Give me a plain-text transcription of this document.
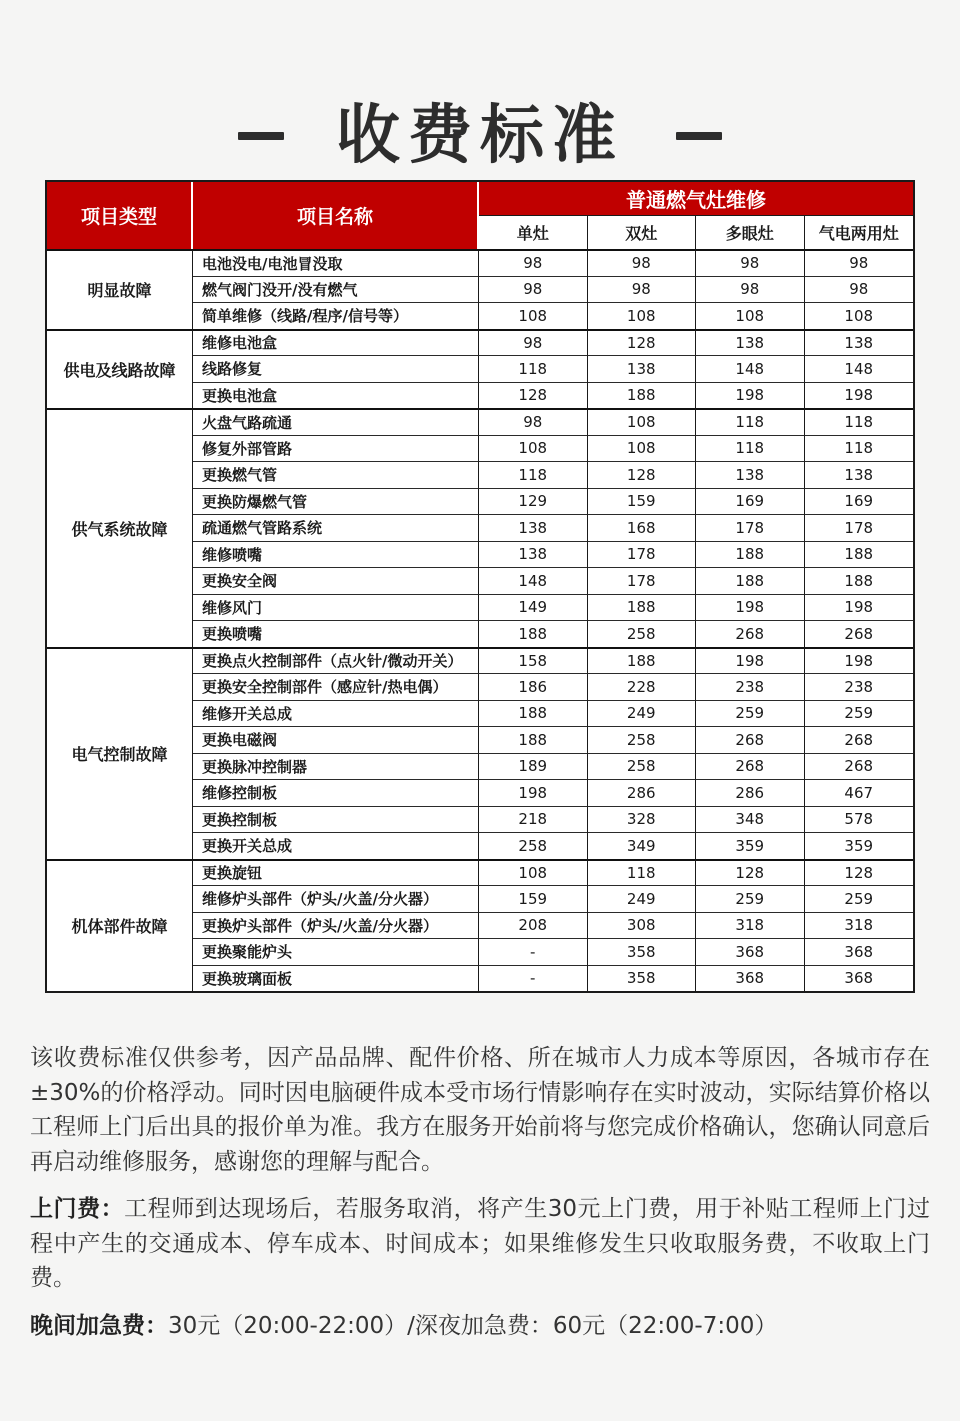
收费标准
项目类型	项目名称	普通燃气灶维修			
		单灶	双灶	多眼灶	气电两用灶
明显故障	电池没电/电池冒没取	98	98	98	98
	燃气阀门没开/没有燃气	98	98	98	98
	简单维修（线路/程序/信号等）	108	108	108	108
供电及线路故障	维修电池盒	98	128	138	138
	线路修复	118	138	148	148
	更换电池盒	128	188	198	198
供气系统故障	火盘气路疏通	98	108	118	118
	修复外部管路	108	108	118	118
	更换燃气管	118	128	138	138
	更换防爆燃气管	129	159	169	169
	疏通燃气管路系统	138	168	178	178
	维修喷嘴	138	178	188	188
	更换安全阀	148	178	188	188
	维修风门	149	188	198	198
	更换喷嘴	188	258	268	268
电气控制故障	更换点火控制部件（点火针/微动开关）	158	188	198	198
	更换安全控制部件（感应针/热电偶）	186	228	238	238
	维修开关总成	188	249	259	259
	更换电磁阀	188	258	268	268
	更换脉冲控制器	189	258	268	268
	维修控制板	198	286	286	467
	更换控制板	218	328	348	578
	更换开关总成	258	349	359	359
机体部件故障	更换旋钮	108	118	128	128
	维修炉头部件（炉头/火盖/分火器）	159	249	259	259
	更换炉头部件（炉头/火盖/分火器）	208	308	318	318
	更换聚能炉头	-	358	368	368
	更换玻璃面板	-	358	368	368

该收费标准仅供参考，因产品品牌、配件价格、所在城市人力成本等原因，各城市存在±30%的价格浮动。同时因电脑硬件成本受市场行情影响存在实时波动，实际结算价格以工程师上门后出具的报价单为准。我方在服务开始前将与您完成价格确认，您确认同意后再启动维修服务，感谢您的理解与配合。

上门费：工程师到达现场后，若服务取消，将产生30元上门费，用于补贴工程师上门过程中产生的交通成本、停车成本、时间成本；如果维修发生只收取服务费，不收取上门费。

晚间加急费：30元（20:00-22:00）/深夜加急费：60元（22:00-7:00）
